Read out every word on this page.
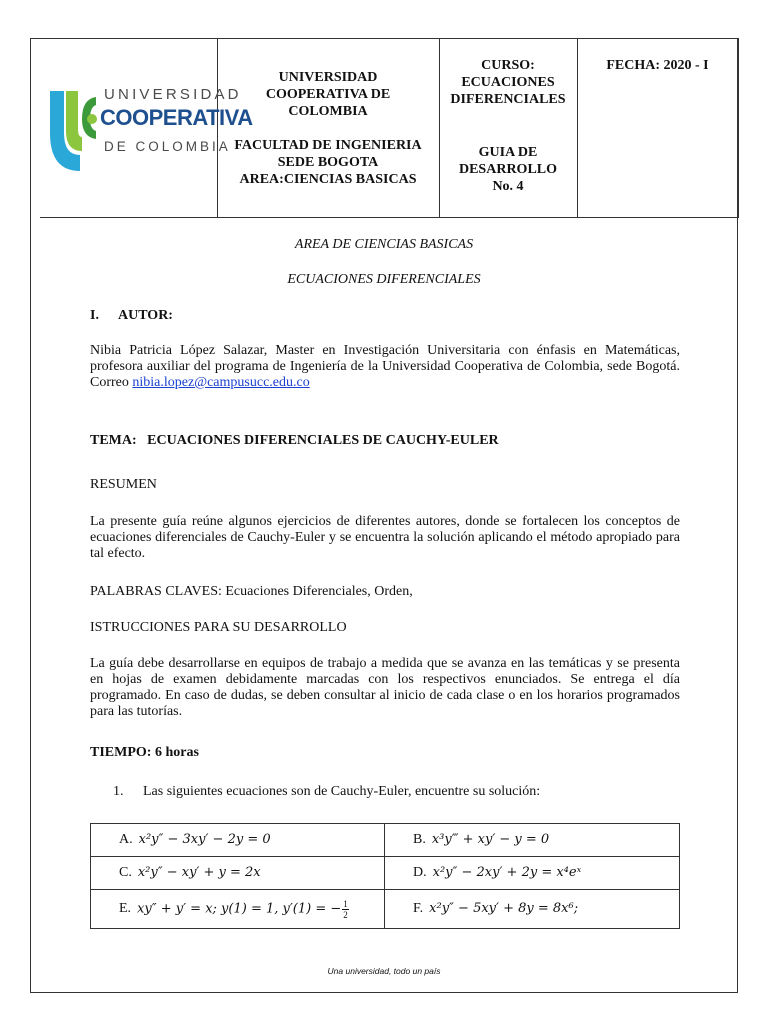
UNIVERSIDAD
COOPERATIVA
DE COLOMBIA

UNIVERSIDAD
COOPERATIVA DE
COLOMBIA
FACULTAD DE INGENIERIA
SEDE BOGOTA
AREA:CIENCIAS BASICAS

CURSO:
ECUACIONES
DIFERENCIALES
GUIA DE
DESARROLLO
No. 4
	FECHA: 2020 - I
AREA DE CIENCIAS BASICAS
ECUACIONES DIFERENCIALES
I. AUTOR:
Nibia Patricia López Salazar, Master en Investigación Universitaria con énfasis en Matemáticas, profesora auxiliar del programa de Ingeniería de la Universidad Cooperativa de Colombia, sede Bogotá. Correo nibia.lopez@campusucc.edu.co
TEMA: ECUACIONES DIFERENCIALES DE CAUCHY-EULER
RESUMEN
La presente guía reúne algunos ejercicios de diferentes autores, donde se fortalecen los conceptos de ecuaciones diferenciales de Cauchy-Euler y se encuentra la solución aplicando el método apropiado para tal efecto.
PALABRAS CLAVES: Ecuaciones Diferenciales, Orden,
ISTRUCCIONES PARA SU DESARROLLO
La guía debe desarrollarse en equipos de trabajo a medida que se avanza en las temáticas y se presenta en hojas de examen debidamente marcadas con los respectivos enunciados. Se entrega el día programado. En caso de dudas, se deben consultar al inicio de cada clase o en los horarios programados para las tutorías.
TIEMPO: 6 horas
1. Las siguientes ecuaciones son de Cauchy-Euler, encuentre su solución:
A. x²y″ − 3xy′ − 2y = 0	B. x³y‴ + xy′ − y = 0
C. x²y″ − xy′ + y = 2x	D. x²y″ − 2xy′ + 2y = x⁴eˣ
E. xy″ + y′ = x; y(1) = 1, y′(1) = − $\frac{1}{2}$	F. x²y″ − 5xy′ + 8y = 8x⁶;
Una universidad, todo un país
